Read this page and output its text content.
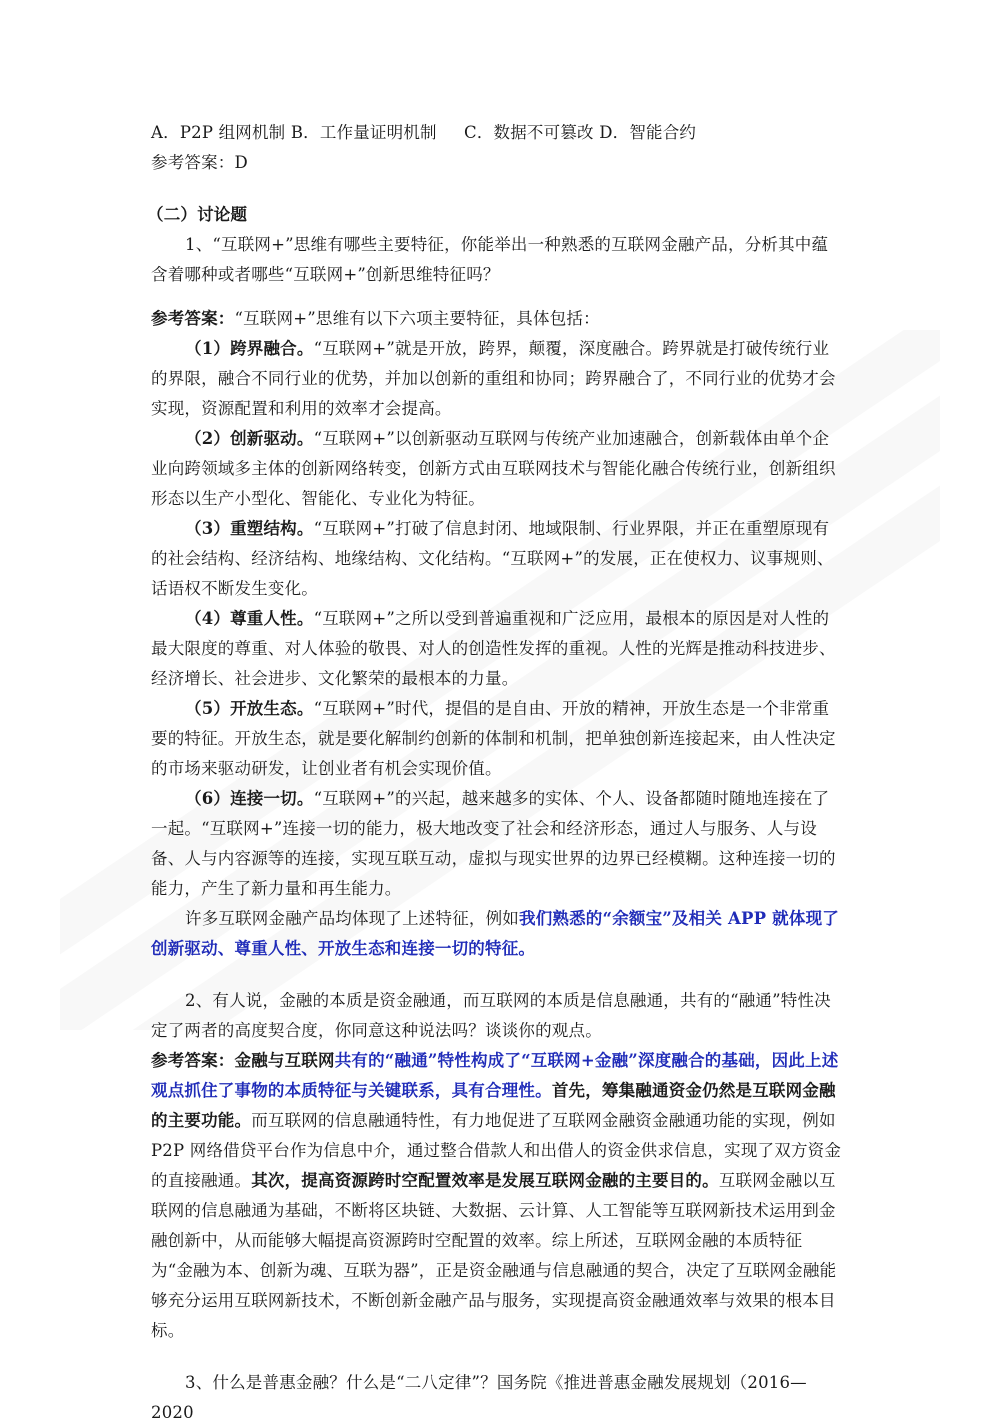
A．P2P 组网机制 B．工作量证明机制 C．数据不可篡改 D．智能合约

参考答案：D

（二）讨论题

1、“互联网+”思维有哪些主要特征，你能举出一种熟悉的互联网金融产品，分析其中蕴含着哪种或者哪些“互联网+”创新思维特征吗？

参考答案：“互联网+”思维有以下六项主要特征，具体包括：

（1）跨界融合。“互联网+”就是开放，跨界，颠覆，深度融合。跨界就是打破传统行业的界限，融合不同行业的优势，并加以创新的重组和协同；跨界融合了，不同行业的优势才会实现，资源配置和利用的效率才会提高。

（2）创新驱动。“互联网+”以创新驱动互联网与传统产业加速融合，创新载体由单个企业向跨领域多主体的创新网络转变，创新方式由互联网技术与智能化融合传统行业，创新组织形态以生产小型化、智能化、专业化为特征。

（3）重塑结构。“互联网+”打破了信息封闭、地域限制、行业界限，并正在重塑原现有的社会结构、经济结构、地缘结构、文化结构。“互联网+”的发展，正在使权力、议事规则、话语权不断发生变化。

（4）尊重人性。“互联网+”之所以受到普遍重视和广泛应用，最根本的原因是对人性的最大限度的尊重、对人体验的敬畏、对人的创造性发挥的重视。人性的光辉是推动科技进步、经济增长、社会进步、文化繁荣的最根本的力量。

（5）开放生态。“互联网+”时代，提倡的是自由、开放的精神，开放生态是一个非常重要的特征。开放生态，就是要化解制约创新的体制和机制，把单独创新连接起来，由人性决定的市场来驱动研发，让创业者有机会实现价值。

（6）连接一切。“互联网+”的兴起，越来越多的实体、个人、设备都随时随地连接在了一起。“互联网+”连接一切的能力，极大地改变了社会和经济形态，通过人与服务、人与设备、人与内容源等的连接，实现互联互动，虚拟与现实世界的边界已经模糊。这种连接一切的能力，产生了新力量和再生能力。

许多互联网金融产品均体现了上述特征，例如我们熟悉的“余额宝”及相关 APP 就体现了创新驱动、尊重人性、开放生态和连接一切的特征。

2、有人说，金融的本质是资金融通，而互联网的本质是信息融通，共有的“融通”特性决定了两者的高度契合度，你同意这种说法吗？谈谈你的观点。

参考答案：金融与互联网共有的“融通”特性构成了“互联网+金融”深度融合的基础，因此上述观点抓住了事物的本质特征与关键联系，具有合理性。首先，筹集融通资金仍然是互联网金融的主要功能。而互联网的信息融通特性，有力地促进了互联网金融资金融通功能的实现，例如 P2P 网络借贷平台作为信息中介，通过整合借款人和出借人的资金供求信息，实现了双方资金的直接融通。其次，提高资源跨时空配置效率是发展互联网金融的主要目的。互联网金融以互联网的信息融通为基础，不断将区块链、大数据、云计算、人工智能等互联网新技术运用到金融创新中，从而能够大幅提高资源跨时空配置的效率。综上所述，互联网金融的本质特征为“金融为本、创新为魂、互联为器”，正是资金融通与信息融通的契合，决定了互联网金融能够充分运用互联网新技术，不断创新金融产品与服务，实现提高资金融通效率与效果的根本目标。

3、什么是普惠金融？什么是“二八定律”？国务院《推进普惠金融发展规划（2016—2020
